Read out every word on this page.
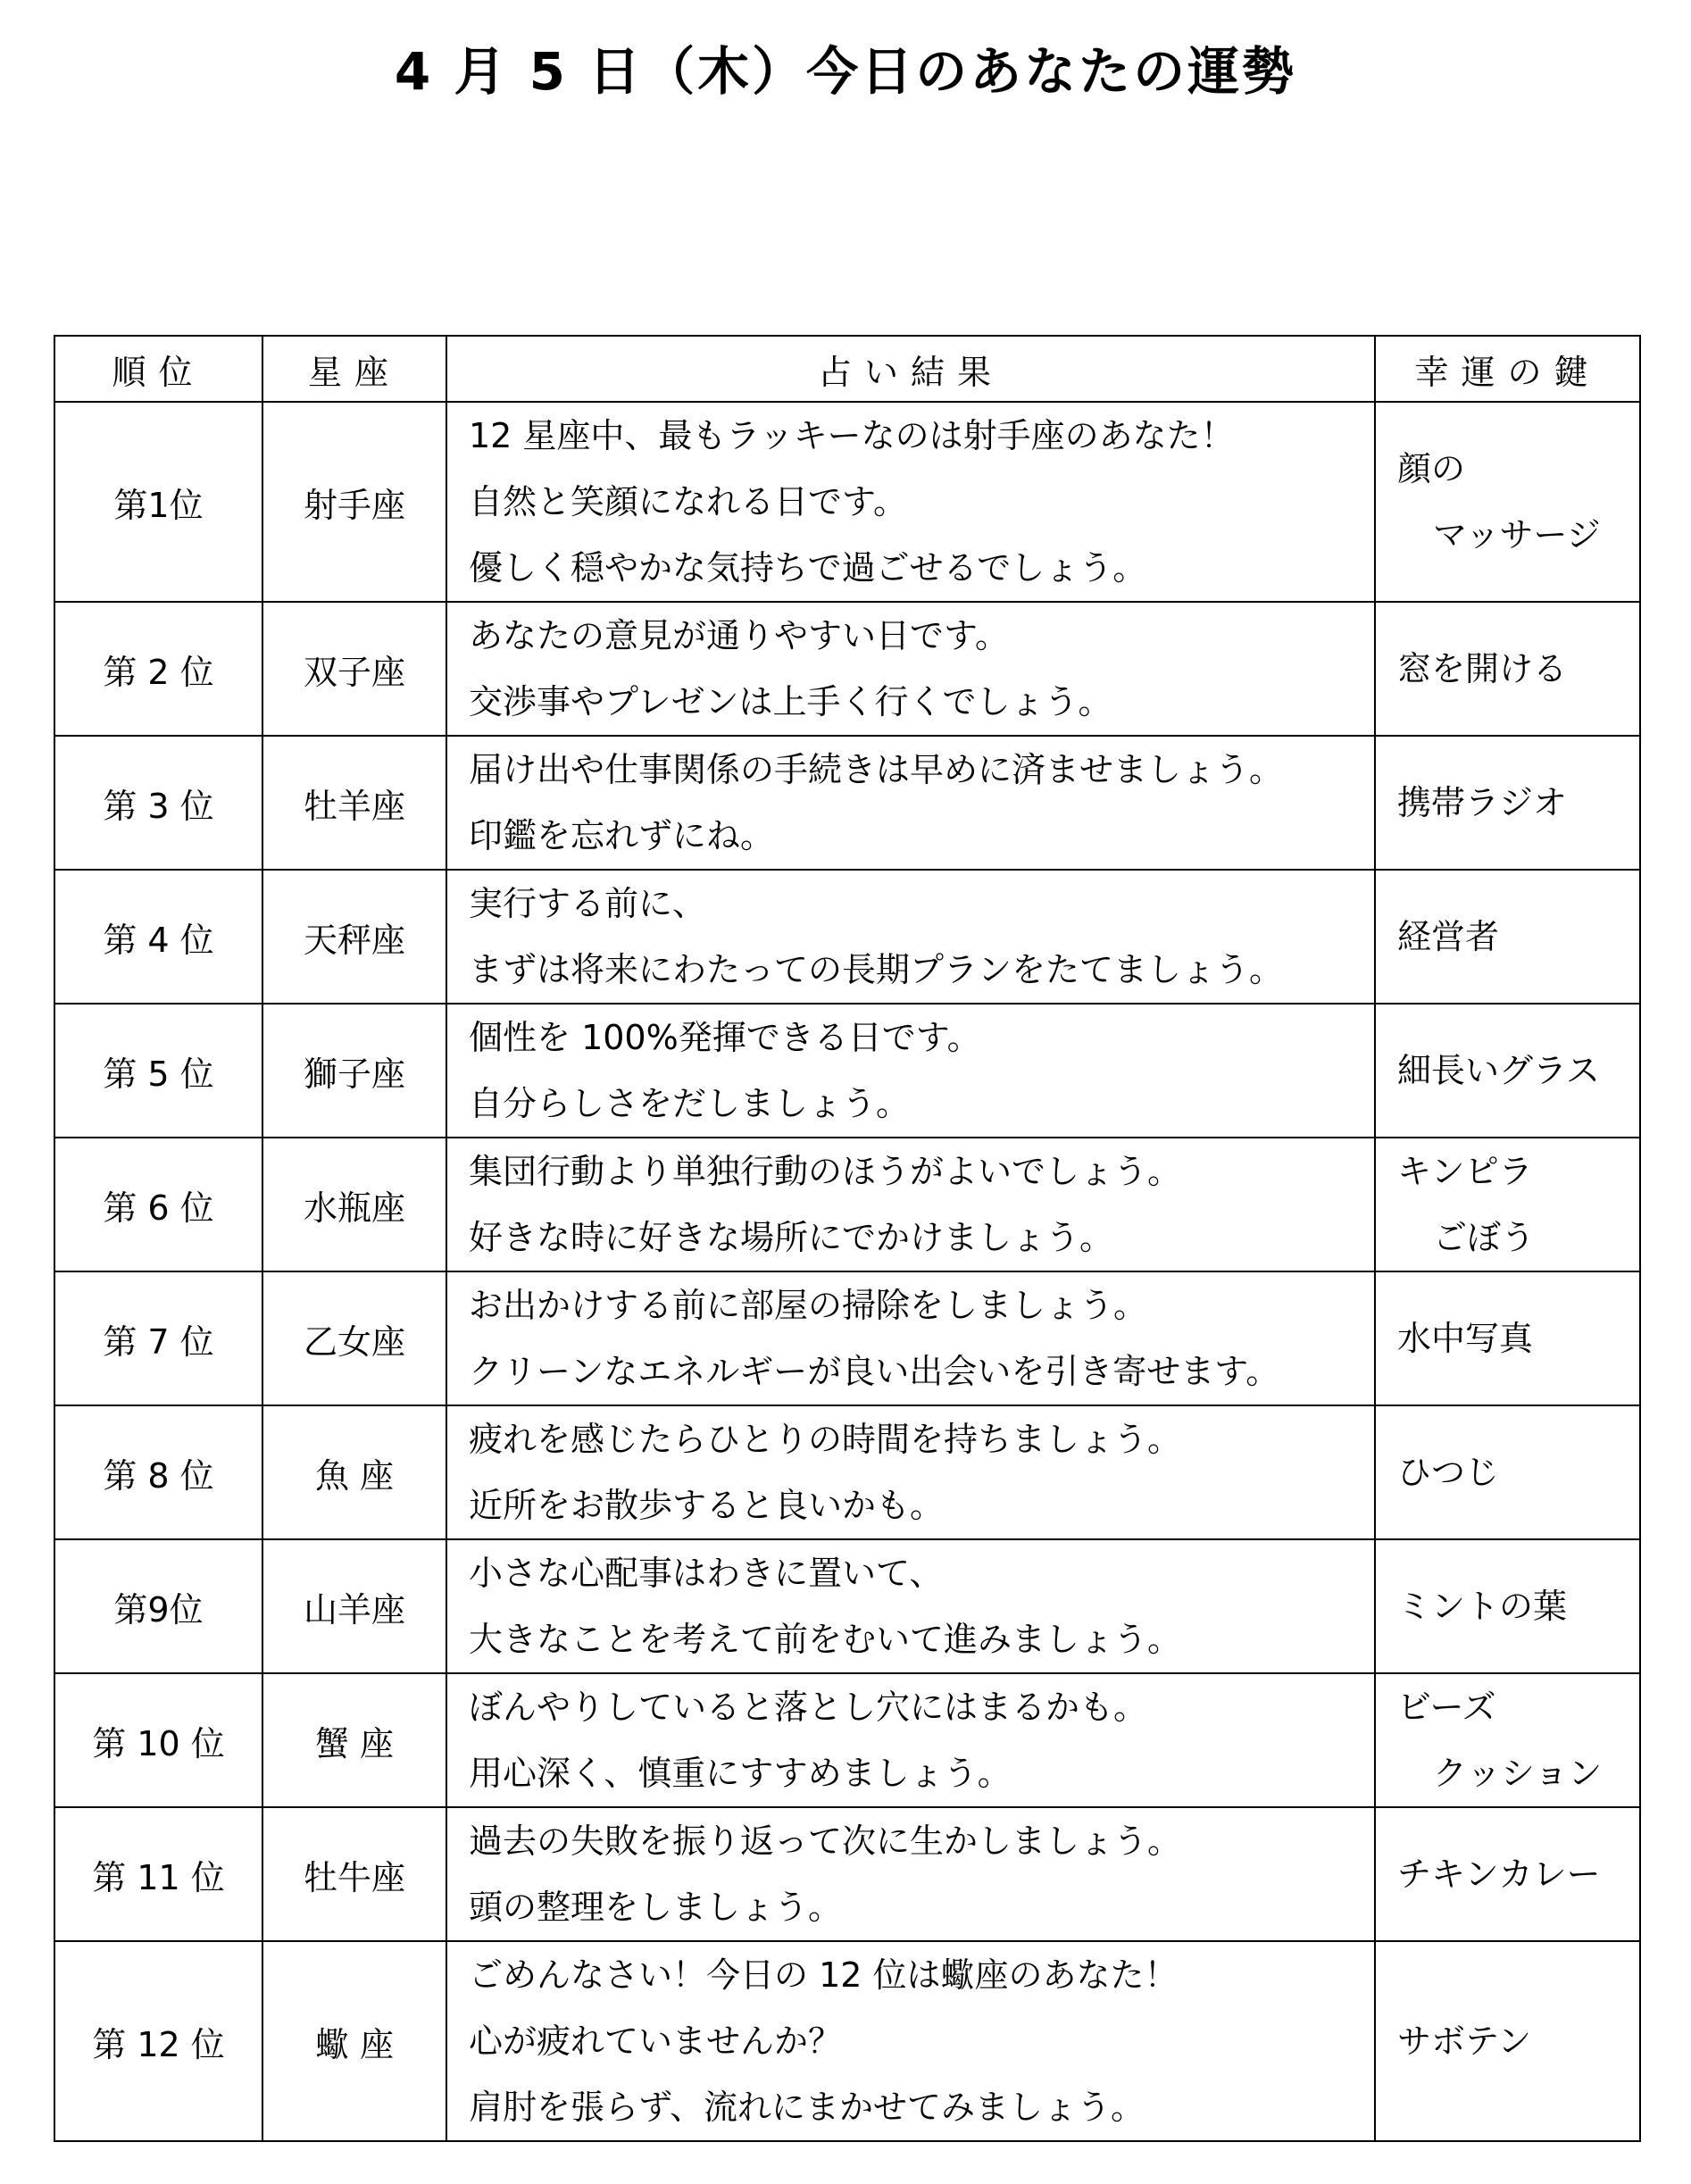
4 月 5 日（木）今日のあなたの運勢
順位	星座	占い結果	幸運の鍵
第1位	射手座	12 星座中、最もラッキーなのは射手座のあなた！
自然と笑顔になれる日です。
優しく穏やかな気持ちで過ごせるでしょう。	顔の
マッサージ

第 2 位	双子座	あなたの意見が通りやすい日です。
交渉事やプレゼンは上手く行くでしょう。	窓を開ける

第 3 位	牡羊座	届け出や仕事関係の手続きは早めに済ませましょう。
印鑑を忘れずにね。	携帯ラジオ

第 4 位	天秤座	実行する前に、
まずは将来にわたっての長期プランをたてましょう。	経営者

第 5 位	獅子座	個性を 100%発揮できる日です。
自分らしさをだしましょう。	細長いグラス

第 6 位	水瓶座	集団行動より単独行動のほうがよいでしょう。
好きな時に好きな場所にでかけましょう。	キンピラ
ごぼう

第 7 位	乙女座	お出かけする前に部屋の掃除をしましょう。
クリーンなエネルギーが良い出会いを引き寄せます。	水中写真

第 8 位	魚 座	疲れを感じたらひとりの時間を持ちましょう。
近所をお散歩すると良いかも。	ひつじ

第9位	山羊座	小さな心配事はわきに置いて、
大きなことを考えて前をむいて進みましょう。	ミントの葉

第 10 位	蟹 座	ぼんやりしていると落とし穴にはまるかも。
用心深く、慎重にすすめましょう。	ビーズ
クッション

第 11 位	牡牛座	過去の失敗を振り返って次に生かしましょう。
頭の整理をしましょう。	チキンカレー

第 12 位	蠍 座	ごめんなさい！今日の 12 位は蠍座のあなた！
心が疲れていませんか？
肩肘を張らず、流れにまかせてみましょう。	サボテン
